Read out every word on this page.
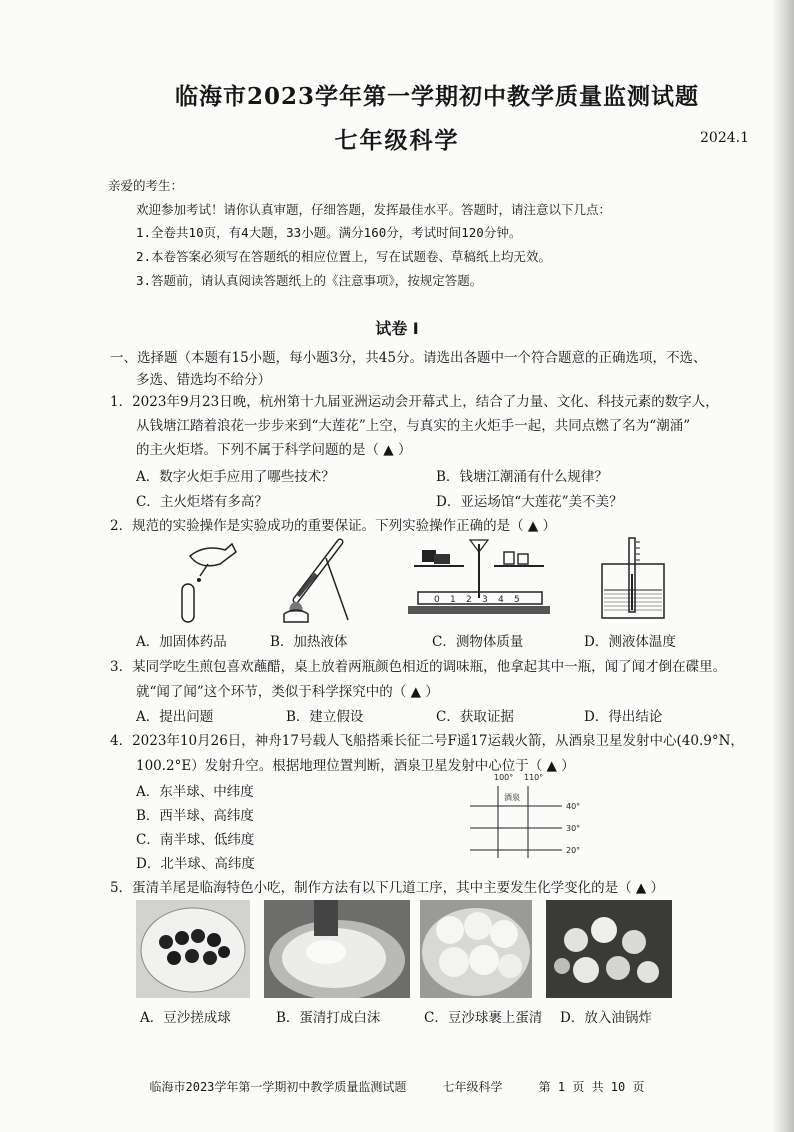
临海市2023学年第一学期初中教学质量监测试题
七年级科学	2024.1
亲爱的考生：
欢迎参加考试！请你认真审题，仔细答题，发挥最佳水平。答题时，请注意以下几点：
1.全卷共10页，有4大题，33小题。满分160分，考试时间120分钟。
2.本卷答案必须写在答题纸的相应位置上，写在试题卷、草稿纸上均无效。
3.答题前，请认真阅读答题纸上的《注意事项》，按规定答题。
试卷 Ⅰ
一、选择题（本题有15小题，每小题3分，共45分。请选出各题中一个符合题意的正确选项，不选、
多选、错选均不给分）
1．2023年9月23日晚，杭州第十九届亚洲运动会开幕式上，结合了力量、文化、科技元素的数字人，
从钱塘江踏着浪花一步步来到“大莲花”上空，与真实的主火炬手一起，共同点燃了名为“潮涌”
的主火炬塔。下列不属于科学问题的是（ ▲ ）
A．数字火炬手应用了哪些技术？	B．钱塘江潮涌有什么规律？
C．主火炬塔有多高？	D．亚运场馆“大莲花”美不美？
2．规范的实验操作是实验成功的重要保证。下列实验操作正确的是（ ▲ ）
0 1 2 3 4 5
A．加固体药品	B．加热液体	C．测物体质量	D．测液体温度
3．某同学吃生煎包喜欢蘸醋，桌上放着两瓶颜色相近的调味瓶，他拿起其中一瓶，闻了闻才倒在碟里。
就“闻了闻”这个环节，类似于科学探究中的（ ▲ ）
A．提出问题	B．建立假设	C．获取证据	D．得出结论
4．2023年10月26日，神舟17号载人飞船搭乘长征二号F遥17运载火箭，从酒泉卫星发射中心(40.9°N，
100.2°E）发射升空。根据地理位置判断，酒泉卫星发射中心位于（ ▲ ）
A．东半球、中纬度
B．西半球、高纬度
C．南半球、低纬度
D．北半球、高纬度
100° 110°
40°
30°
20°
酒泉
5．蛋清羊尾是临海特色小吃，制作方法有以下几道工序，其中主要发生化学变化的是（ ▲ ）
A．豆沙搓成球	B．蛋清打成白沫	C．豆沙球裹上蛋清 D．放入油锅炸
临海市2023学年第一学期初中教学质量监测试题	七年级科学	第 1 页 共 10 页
